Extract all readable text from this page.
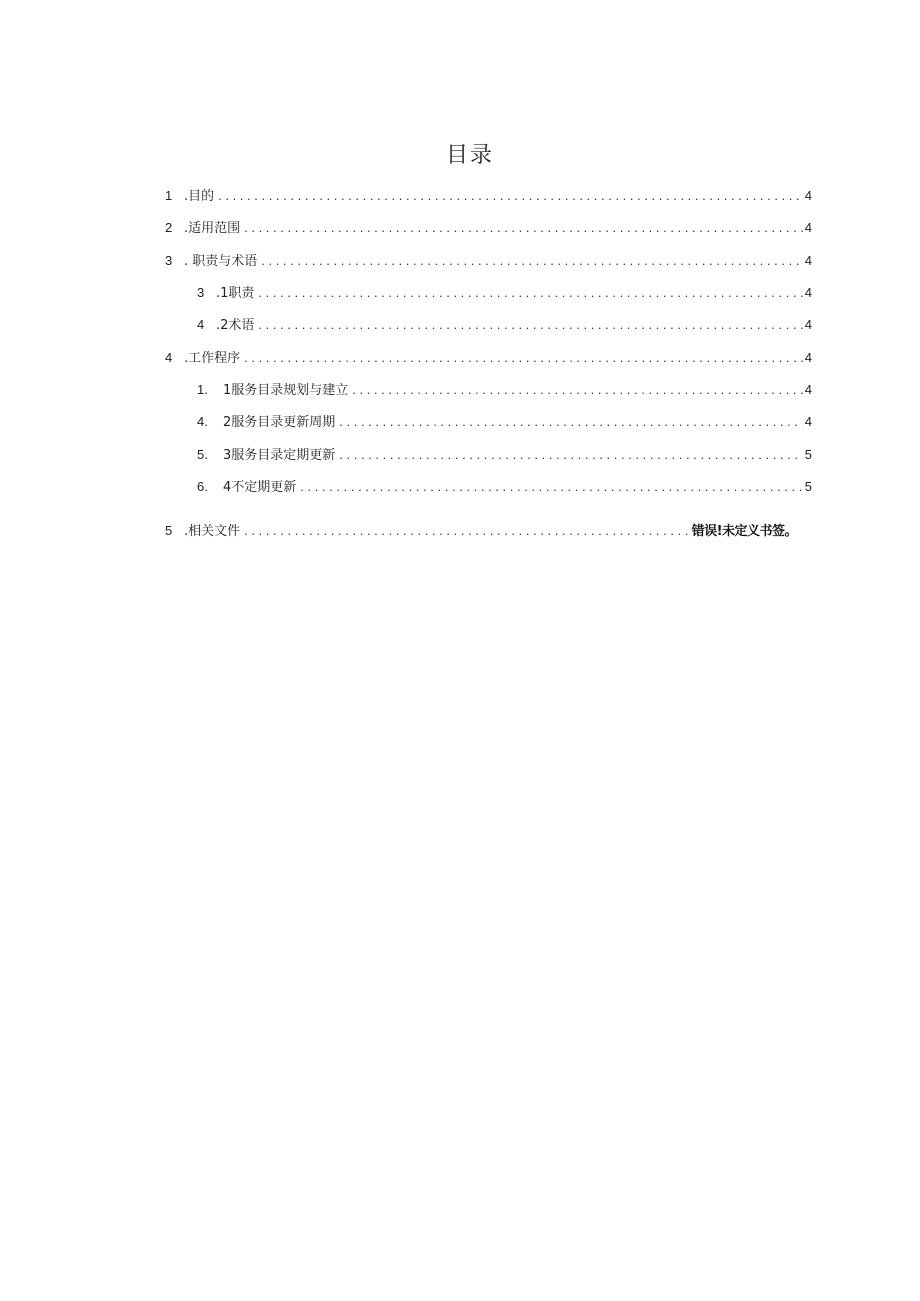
目录
1 .目的 . . .	4
2 .适用范围 . . .	4
3 . 职责与术语 . . .	4
3 .1职责 . . .	4
4 .2术语 . . .	4
4 .工作程序 . . .	4
1.	1服务目录规划与建立 . . .	4
4.	2服务目录更新周期 . . .	4
5.	3服务目录定期更新 . . .	5
6.	4不定期更新 . . .	5
5 .相关文件 . . .	错误!未定义书签。
